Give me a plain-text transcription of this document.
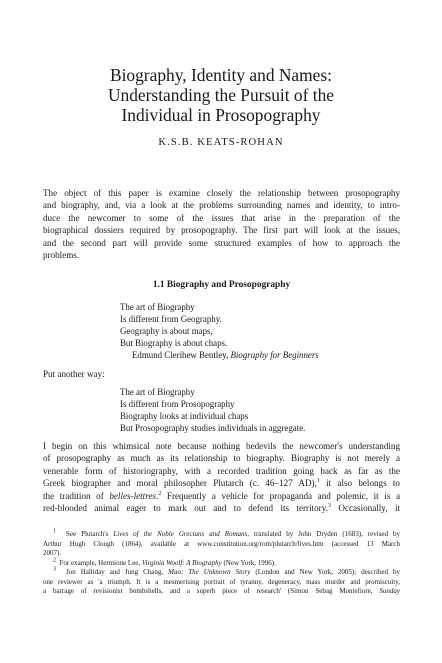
Biography, Identity and Names:
Understanding the Pursuit of the
Individual in Prosopography
K.S.B. KEATS-ROHAN

The object of this paper is examine closely the relationship between prosopography
and biography, and, via a look at the problems surrounding names and identity, to intro-
duce the newcomer to some of the issues that arise in the preparation of the
biographical dossiers required by prosopography. The first part will look at the issues,
and the second part will provide some structured examples of how to approach the
problems.

1.1 Biography and Prosopography

The art of Biography
Is different from Geography.
Geography is about maps,
But Biography is about chaps.

Edmund Clerihew Bentley, Biography for Beginners
Put another way:

The art of Biography
Is different from Prosopography
Biography looks at individual chaps
But Prosopography studies individuals in aggregate.

I begin on this whimsical note because nothing bedevils the newcomer's understanding
of prosopography as much as its relationship to biography. Biography is not merely a
venerable form of historiography, with a recorded tradition going back as far as the
Greek biographer and moral philosopher Plutarch (c. 46–127 AD),$^1$ it also belongs to
the tradition of belles-lettres.$^2$ Frequently a vehicle for propaganda and polemic, it is a
red-blooded animal eager to mark out and to defend its territory.$^3$ Occasionally, it

$^1$ See Plutarch's Lives of the Noble Grecians and Romans, translated by John Dryden (1683), revised by
Arthur Hugh Clough (1864), available at www.constitution.org/rom/plutarch/lives.htm (accessed 13 March
2007).
$^2$ For example, Hermione Lee, Virginia Woolf: A Biography (New York, 1996).
$^3$ Jon Halliday and Jung Chang, Mao: The Unknown Story (London and New York, 2005); described by
one reviewer as 'a triumph. It is a mesmerising portrait of tyranny, degeneracy, mass murder and promiscuity,
a barrage of revisionist bombshells, and a superb piece of research' (Simon Sebag Montefiore, Sunday
